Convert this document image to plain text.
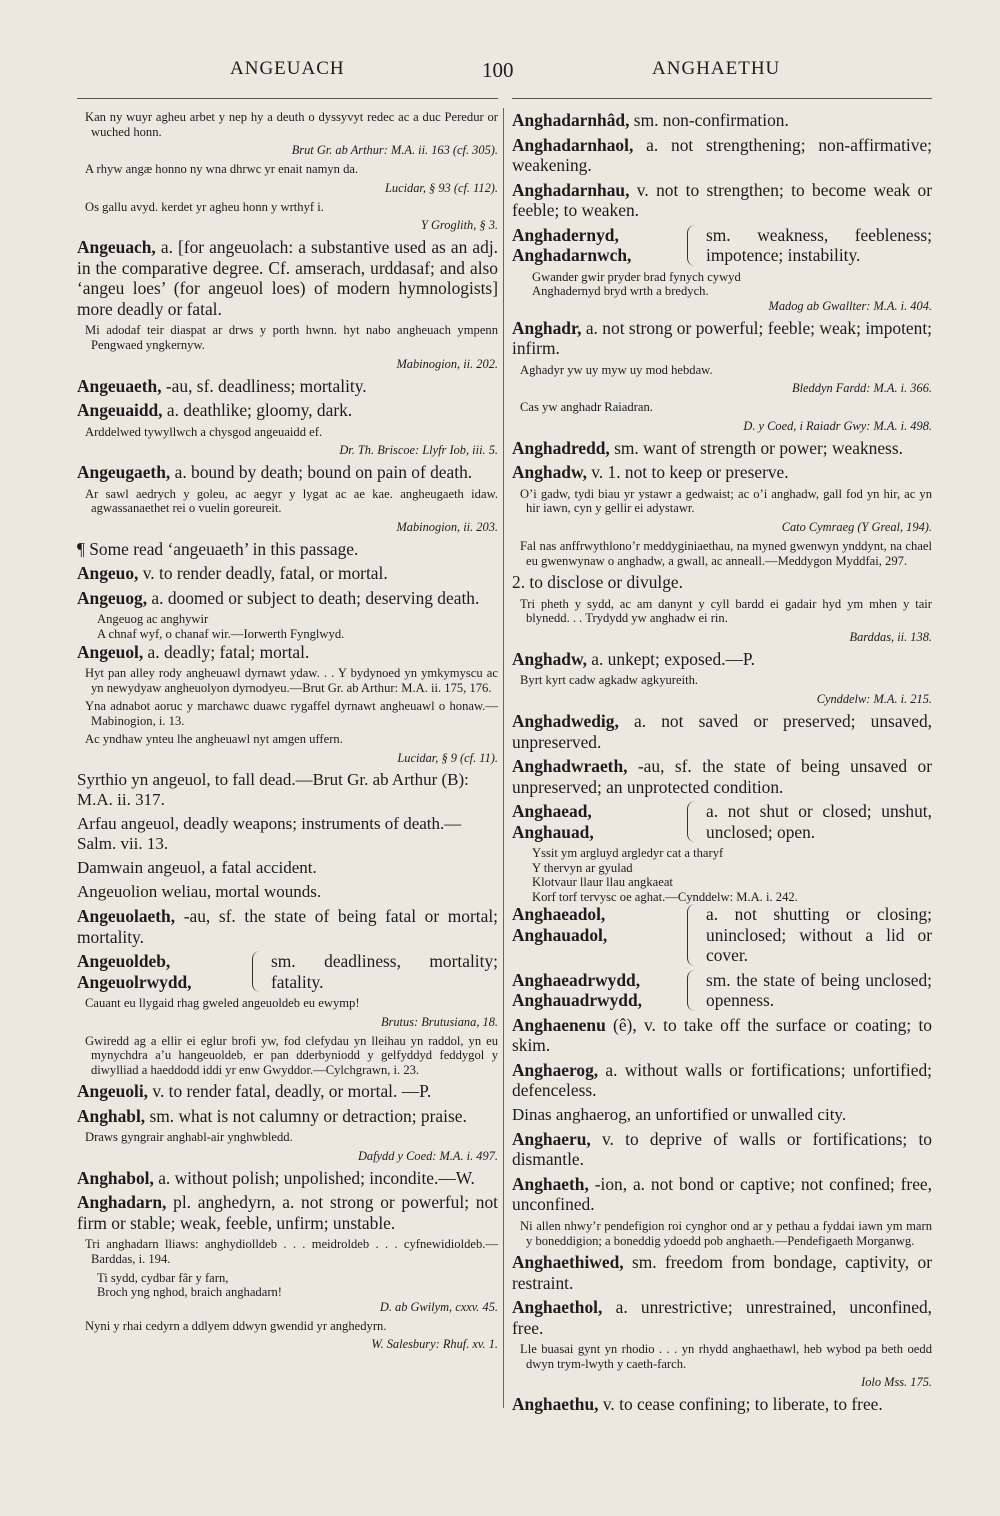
ANGEUACH	100	ANGHAETHU

Kan ny wuyr agheu arbet y nep hy a deuth o dyssyvyt redec ac a duc Peredur or wuched honn.

Brut Gr. ab Arthur: M.A. ii. 163 (cf. 305).

A rhyw angæ honno ny wna dhrwc yr enait namyn da.

Lucidar, § 93 (cf. 112).

Os gallu avyd. kerdet yr agheu honn y wrthyf i.

Y Groglith, § 3.

Angeuach, a. [for angeuolach: a substantive used as an adj. in the comparative degree. Cf. amserach, urddasaf; and also ‘angeu loes’ (for angeuol loes) of modern hymnologists] more deadly or fatal.

Mi adodaf teir diaspat ar drws y porth hwnn. hyt nabo angheuach ympenn Pengwaed yngkernyw.

Mabinogion, ii. 202.

Angeuaeth, -au, sf. deadliness; mortality.

Angeuaidd, a. deathlike; gloomy, dark.

Arddelwed tywyllwch a chysgod angeuaidd ef.

Dr. Th. Briscoe: Llyfr Iob, iii. 5.

Angeugaeth, a. bound by death; bound on pain of death.

Ar sawl aedrych y goleu, ac aegyr y lygat ac ae kae. angheugaeth idaw. agwassanaethet rei o vuelin goreureit.

Mabinogion, ii. 203.

¶ Some read ‘angeuaeth’ in this passage.

Angeuo, v. to render deadly, fatal, or mortal.

Angeuog, a. doomed or subject to death; deserving death.

Angeuog ac anghywir

A chnaf wyf, o chanaf wir.—Iorwerth Fynglwyd.

Angeuol, a. deadly; fatal; mortal.

Hyt pan alley rody angheuawl dyrnawt ydaw. . . Y bydynoed yn ymkymyscu ac yn newydyaw angheuolyon dyrnodyeu.—Brut Gr. ab Arthur: M.A. ii. 175, 176.

Yna adnabot aoruc y marchawc duawc rygaffel dyrnawt angheuawl o honaw.—Mabinogion, i. 13.

Ac yndhaw ynteu lhe angheuawl nyt amgen uffern.

Lucidar, § 9 (cf. 11).

Syrthio yn angeuol, to fall dead.—Brut Gr. ab Arthur (B): M.A. ii. 317.

Arfau angeuol, deadly weapons; instruments of death.—Salm. vii. 13.

Damwain angeuol, a fatal accident.

Angeuolion weliau, mortal wounds.

Angeuolaeth, -au, sf. the state of being fatal or mortal; mortality.

Angeuoldeb,
Angeuolrwydd,
sm. deadliness, mortality; fatality.

Cauant eu llygaid rhag gweled angeuoldeb eu ewymp!

Brutus: Brutusiana, 18.

Gwiredd ag a ellir ei eglur brofi yw, fod clefydau yn lleihau yn raddol, yn eu mynychdra a’u hangeuoldeb, er pan dderbyniodd y gelfyddyd feddygol y diwylliad a haeddodd iddi yr enw Gwyddor.—Cylchgrawn, i. 23.

Angeuoli, v. to render fatal, deadly, or mortal. —P.

Anghabl, sm. what is not calumny or detraction; praise.

Draws gyngrair anghabl-air ynghwbledd.

Dafydd y Coed: M.A. i. 497.

Anghabol, a. without polish; unpolished; incondite.—W.

Anghadarn, pl. anghedyrn, a. not strong or powerful; not firm or stable; weak, feeble, unfirm; unstable.

Tri anghadarn lliaws: anghydiolldeb . . . meidroldeb . . . cyfnewidioldeb.—Barddas, i. 194.

Ti sydd, cydbar fâr y farn,

Broch yng nghod, braich anghadarn!

D. ab Gwilym, cxxv. 45.

Nyni y rhai cedyrn a ddlyem ddwyn gwendid yr anghedyrn.

W. Salesbury: Rhuf. xv. 1.

Anghadarnhâd, sm. non-confirmation.

Anghadarnhaol, a. not strengthening; non-affirmative; weakening.

Anghadarnhau, v. not to strengthen; to become weak or feeble; to weaken.

Anghadernyd,
Anghadarnwch,
sm. weakness, feebleness; impotence; instability.

Gwander gwir pryder brad fynych cywyd

Anghadernyd bryd wrth a bredych.

Madog ab Gwallter: M.A. i. 404.

Anghadr, a. not strong or powerful; feeble; weak; impotent; infirm.

Aghadyr yw uy myw uy mod hebdaw.

Bleddyn Fardd: M.A. i. 366.

Cas yw anghadr Raiadran.

D. y Coed, i Raiadr Gwy: M.A. i. 498.

Anghadredd, sm. want of strength or power; weakness.

Anghadw, v. 1. not to keep or preserve.

O’i gadw, tydi biau yr ystawr a gedwaist; ac o’i anghadw, gall fod yn hir, ac yn hir iawn, cyn y gellir ei adystawr.

Cato Cymraeg (Y Greal, 194).

Fal nas anffrwythlono’r meddyginiaethau, na myned gwenwyn ynddynt, na chael eu gwenwynaw o anghadw, a gwall, ac anneall.—Meddygon Myddfai, 297.

2. to disclose or divulge.

Tri pheth y sydd, ac am danynt y cyll bardd ei gadair hyd ym mhen y tair blynedd. . . Trydydd yw anghadw ei rin.

Barddas, ii. 138.

Anghadw, a. unkept; exposed.—P.

Byrt kyrt cadw agkadw agkyureith.

Cynddelw: M.A. i. 215.

Anghadwedig, a. not saved or preserved; unsaved, unpreserved.

Anghadwraeth, -au, sf. the state of being unsaved or unpreserved; an unprotected condition.

Anghaead,
Anghauad,
a. not shut or closed; unshut, unclosed; open.

Yssit ym argluyd argledyr cat a tharyf

Y thervyn ar gyulad

Klotvaur llaur llau angkaeat

Korf torf tervysc oe aghat.—Cynddelw: M.A. i. 242.

Anghaeadol,
Anghauadol,
a. not shutting or closing; uninclosed; without a lid or cover.
Anghaeadrwydd,
Anghauadrwydd,
sm. the state of being unclosed; openness.

Anghaenenu (ê), v. to take off the surface or coating; to skim.

Anghaerog, a. without walls or fortifications; unfortified; defenceless.

Dinas anghaerog, an unfortified or unwalled city.

Anghaeru, v. to deprive of walls or fortifications; to dismantle.

Anghaeth, -ion, a. not bond or captive; not confined; free, unconfined.

Ni allen nhwy’r pendefigion roi cynghor ond ar y pethau a fyddai iawn ym marn y boneddigion; a boneddig ydoedd pob anghaeth.—Pendefigaeth Morganwg.

Anghaethiwed, sm. freedom from bondage, captivity, or restraint.

Anghaethol, a. unrestrictive; unrestrained, unconfined, free.

Lle buasai gynt yn rhodio . . . yn rhydd anghaethawl, heb wybod pa beth oedd dwyn trym-lwyth y caeth-farch.

Iolo Mss. 175.

Anghaethu, v. to cease confining; to liberate, to free.
